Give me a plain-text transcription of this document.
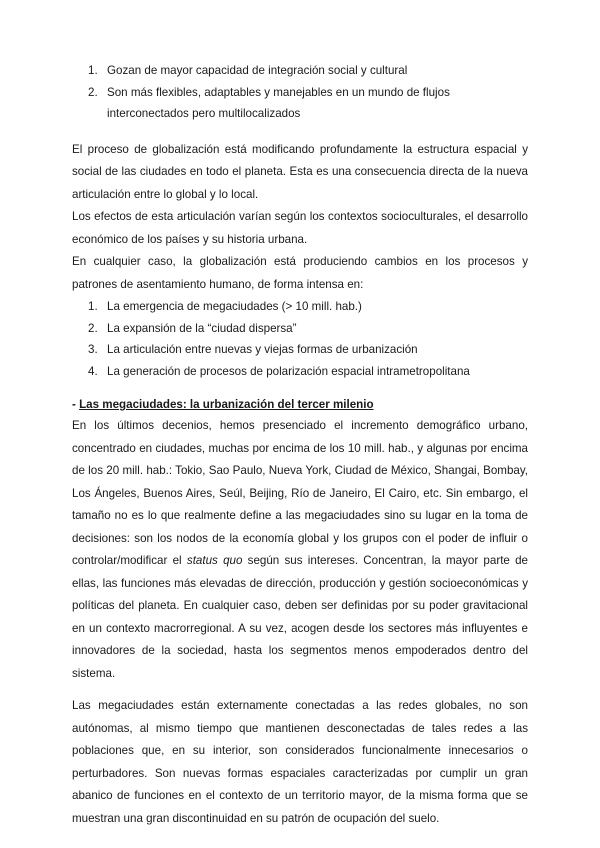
1. Gozan de mayor capacidad de integración social y cultural
2. Son más flexibles, adaptables y manejables en un mundo de flujos interconectados pero multilocalizados

El proceso de globalización está modificando profundamente la estructura espacial y social de las ciudades en todo el planeta. Esta es una consecuencia directa de la nueva articulación entre lo global y lo local.

Los efectos de esta articulación varían según los contextos socioculturales, el desarrollo económico de los países y su historia urbana.

En cualquier caso, la globalización está produciendo cambios en los procesos y patrones de asentamiento humano, de forma intensa en:

1. La emergencia de megaciudades (> 10 mill. hab.)
2. La expansión de la “ciudad dispersa”
3. La articulación entre nuevas y viejas formas de urbanización
4. La generación de procesos de polarización espacial intrametropolitana

- Las megaciudades: la urbanización del tercer milenio

En los últimos decenios, hemos presenciado el incremento demográfico urbano, concentrado en ciudades, muchas por encima de los 10 mill. hab., y algunas por encima de los 20 mill. hab.: Tokio, Sao Paulo, Nueva York, Ciudad de México, Shangai, Bombay, Los Ángeles, Buenos Aires, Seúl, Beijing, Río de Janeiro, El Cairo, etc. Sin embargo, el tamaño no es lo que realmente define a las megaciudades sino su lugar en la toma de decisiones: son los nodos de la economía global y los grupos con el poder de influir o controlar/modificar el status quo según sus intereses. Concentran, la mayor parte de ellas, las funciones más elevadas de dirección, producción y gestión socioeconómicas y políticas del planeta. En cualquier caso, deben ser definidas por su poder gravitacional en un contexto macrorregional. A su vez, acogen desde los sectores más influyentes e innovadores de la sociedad, hasta los segmentos menos empoderados dentro del sistema.

Las megaciudades están externamente conectadas a las redes globales, no son autónomas, al mismo tiempo que mantienen desconectadas de tales redes a las poblaciones que, en su interior, son considerados funcionalmente innecesarios o perturbadores. Son nuevas formas espaciales caracterizadas por cumplir un gran abanico de funciones en el contexto de un territorio mayor, de la misma forma que se muestran una gran discontinuidad en su patrón de ocupación del suelo.
